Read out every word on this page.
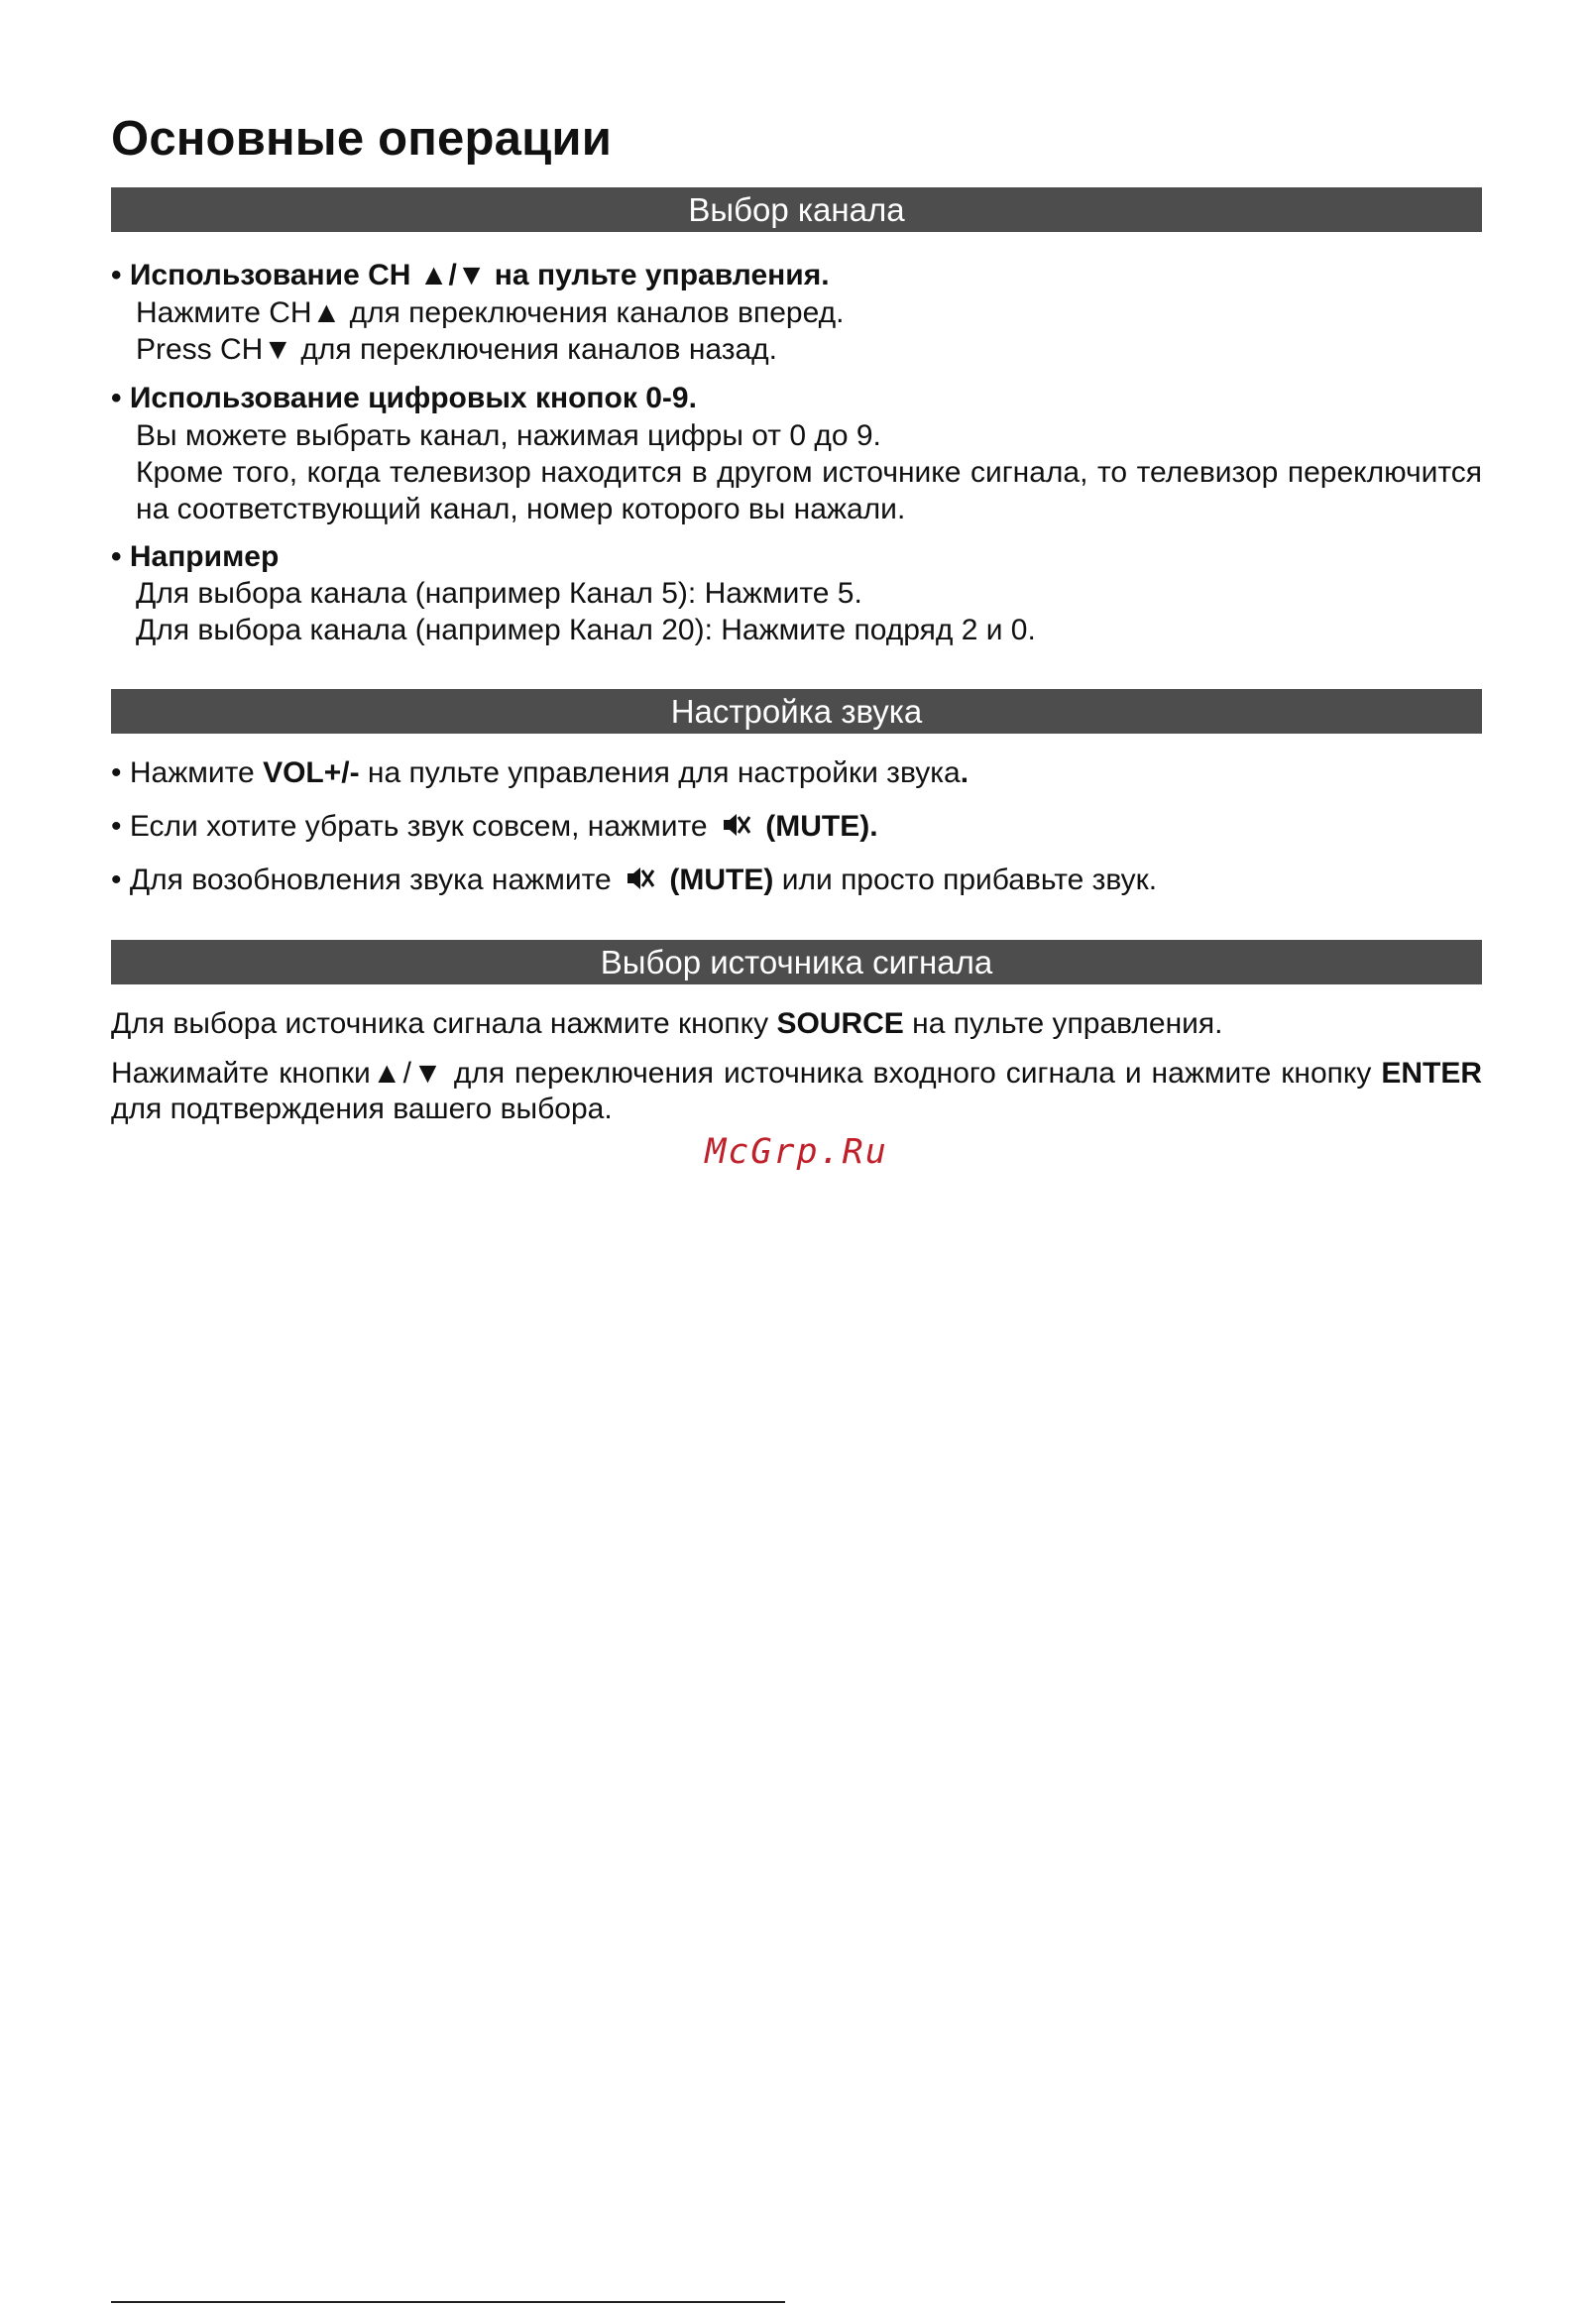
Основные операции
Выбор канала
• Использование CH ▲/▼ на пульте управления.
Нажмите CH▲ для переключения каналов вперед.
Press CH▼ для переключения каналов назад.
• Использование цифровых кнопок 0-9.
Вы можете выбрать канал, нажимая цифры от 0 до 9.
Кроме того, когда телевизор находится в другом источнике сигнала, то телевизор переключится на соответствующий канал, номер которого вы нажали.
• Например
Для выбора канала (например Канал 5): Нажмите 5.
Для выбора канала (например Канал 20): Нажмите подряд 2 и 0.
Настройка звука
• Нажмите VOL+/- на пульте управления для настройки звука.
• Если хотите убрать звук совсем, нажмите (MUTE).
• Для возобновления звука нажмите (MUTE) или просто прибавьте звук.
Выбор источника сигнала
Для выбора источника сигнала нажмите кнопку SOURCE на пульте управления.
Нажимайте кнопки▲/▼ для переключения источника входного сигнала и нажмите кнопку ENTER для подтверждения вашего выбора.
McGrp.Ru
